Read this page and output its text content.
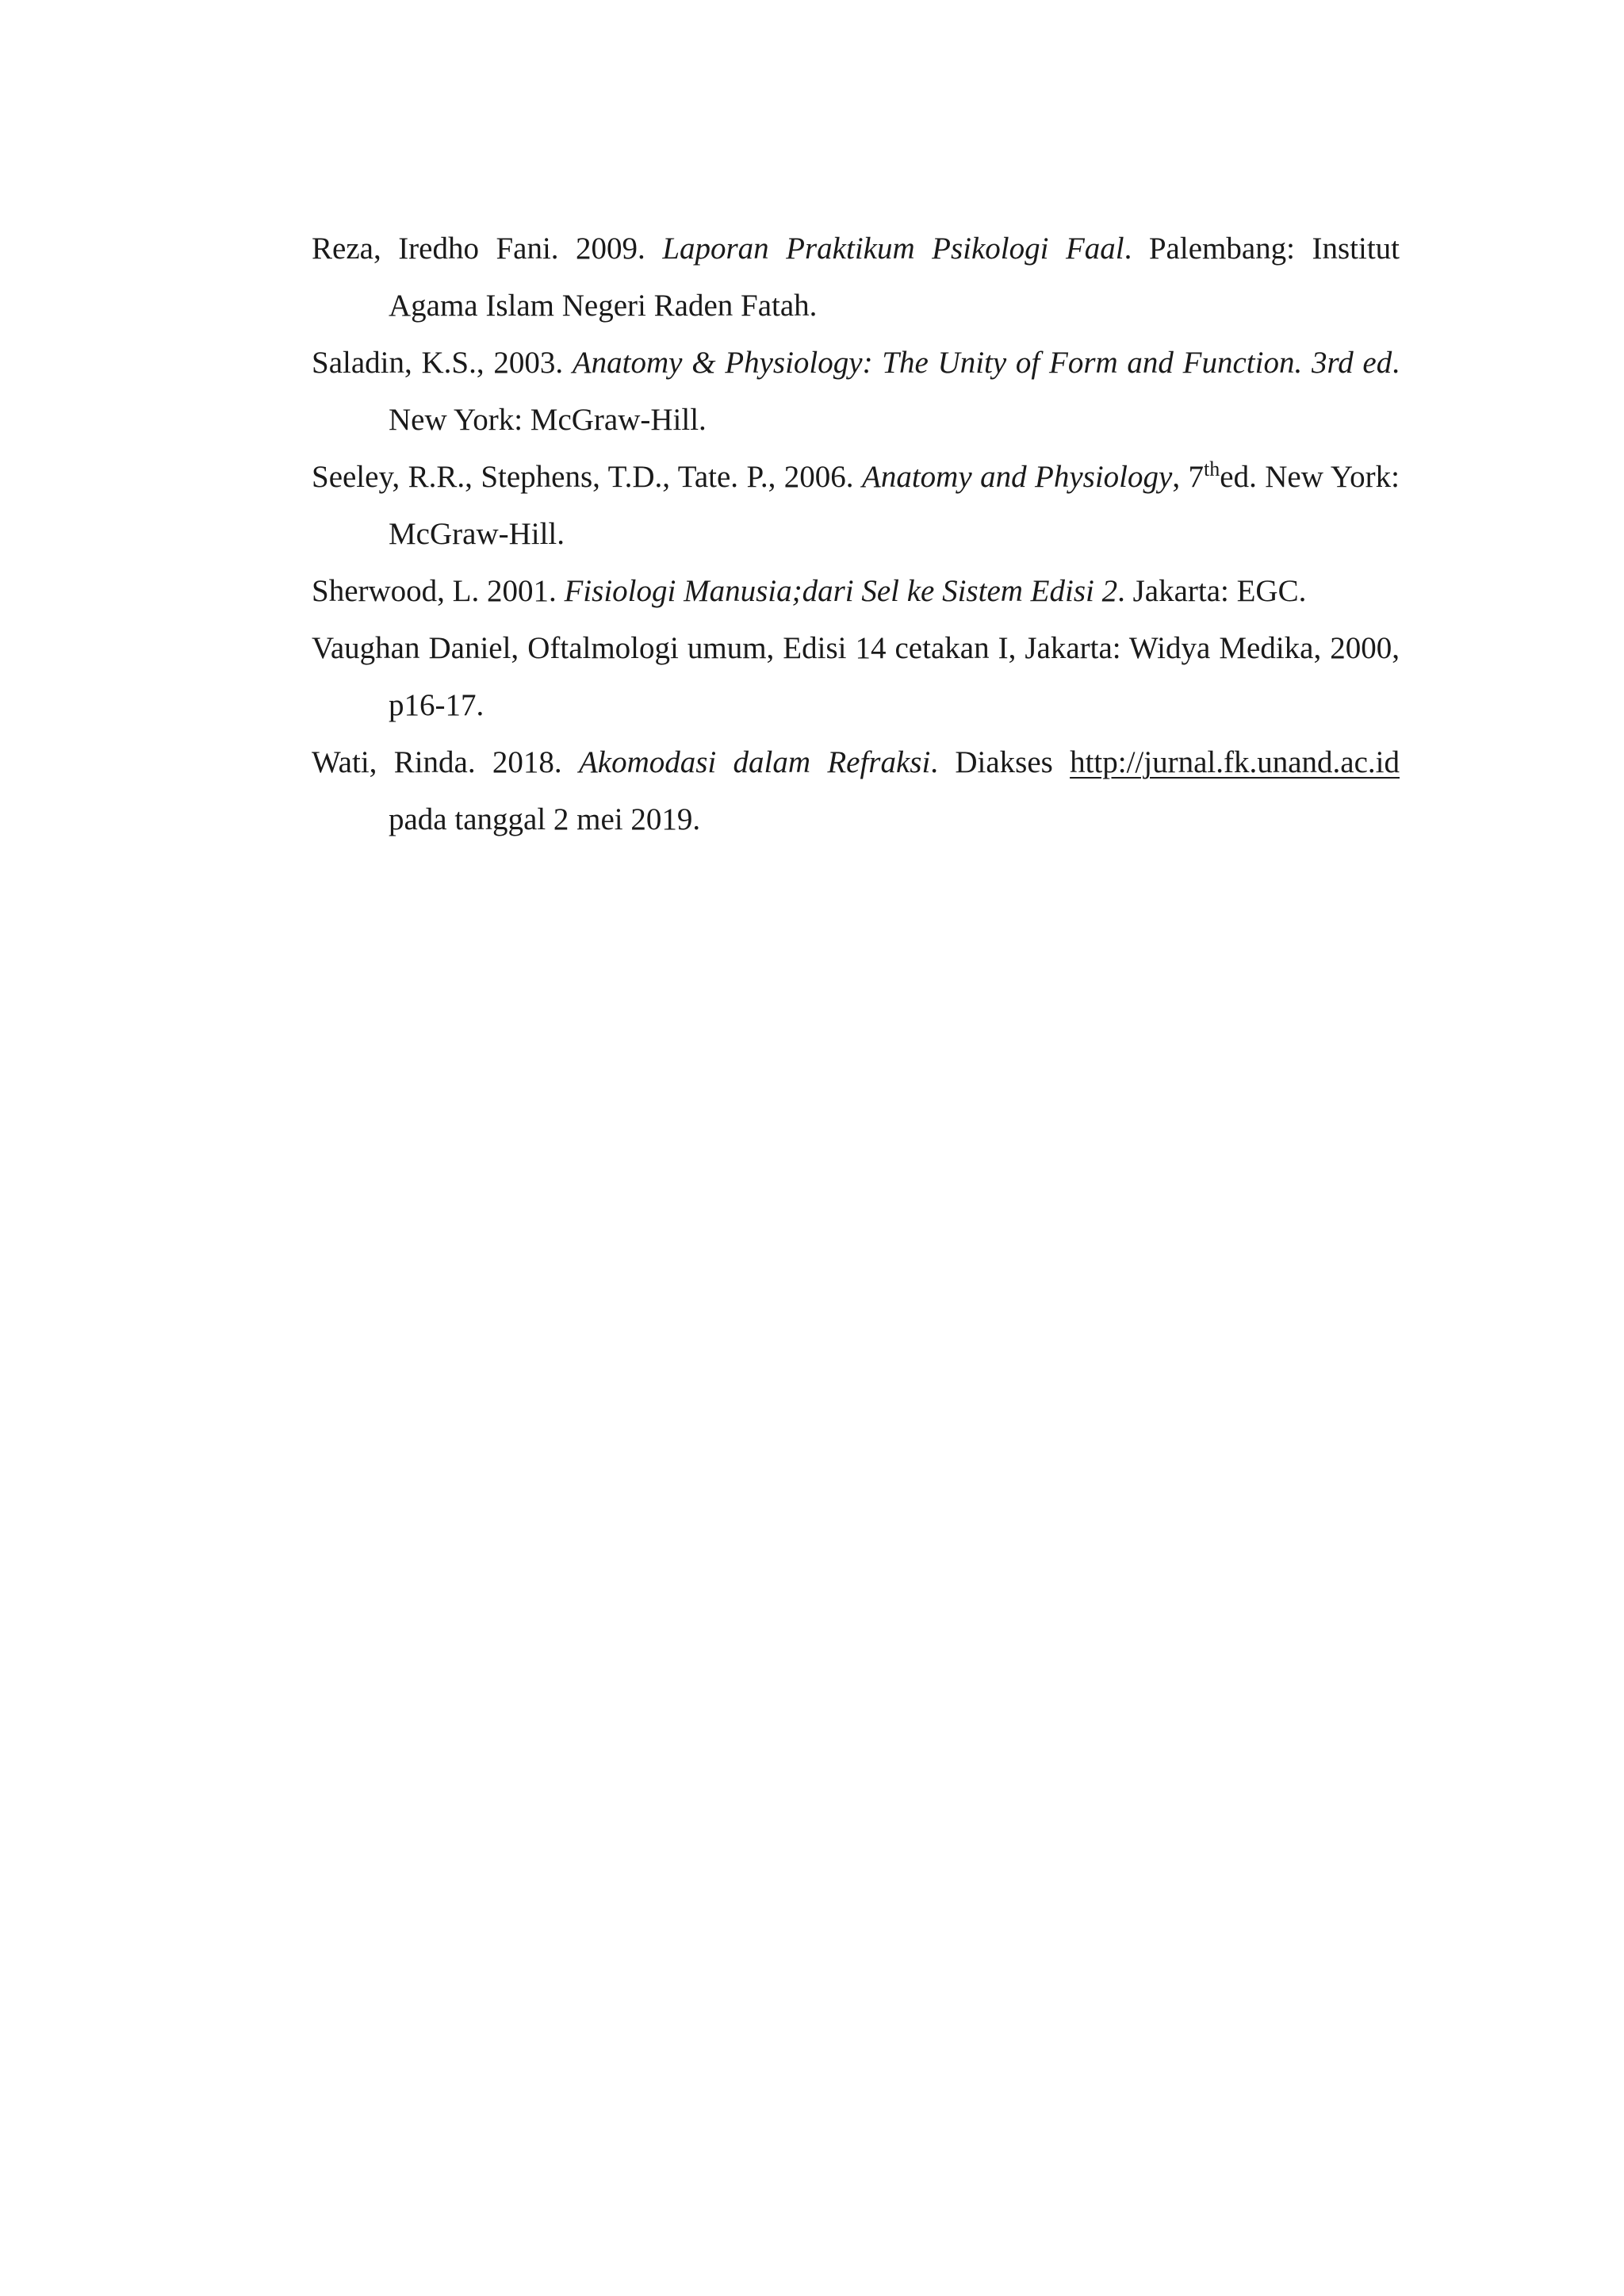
Reza, Iredho Fani. 2009. Laporan Praktikum Psikologi Faal. Palembang: Institut Agama Islam Negeri Raden Fatah.

Saladin, K.S., 2003. Anatomy & Physiology: The Unity of Form and Function. 3rd ed. New York: McGraw-Hill.

Seeley, R.R., Stephens, T.D., Tate. P., 2006. Anatomy and Physiology, 7thed. New York: McGraw-Hill.

Sherwood, L. 2001. Fisiologi Manusia;dari Sel ke Sistem Edisi 2. Jakarta: EGC.

Vaughan Daniel, Oftalmologi umum, Edisi 14 cetakan I, Jakarta: Widya Medika, 2000, p16-17.

Wati, Rinda. 2018. Akomodasi dalam Refraksi. Diakses http://jurnal.fk.unand.ac.id pada tanggal 2 mei 2019.
